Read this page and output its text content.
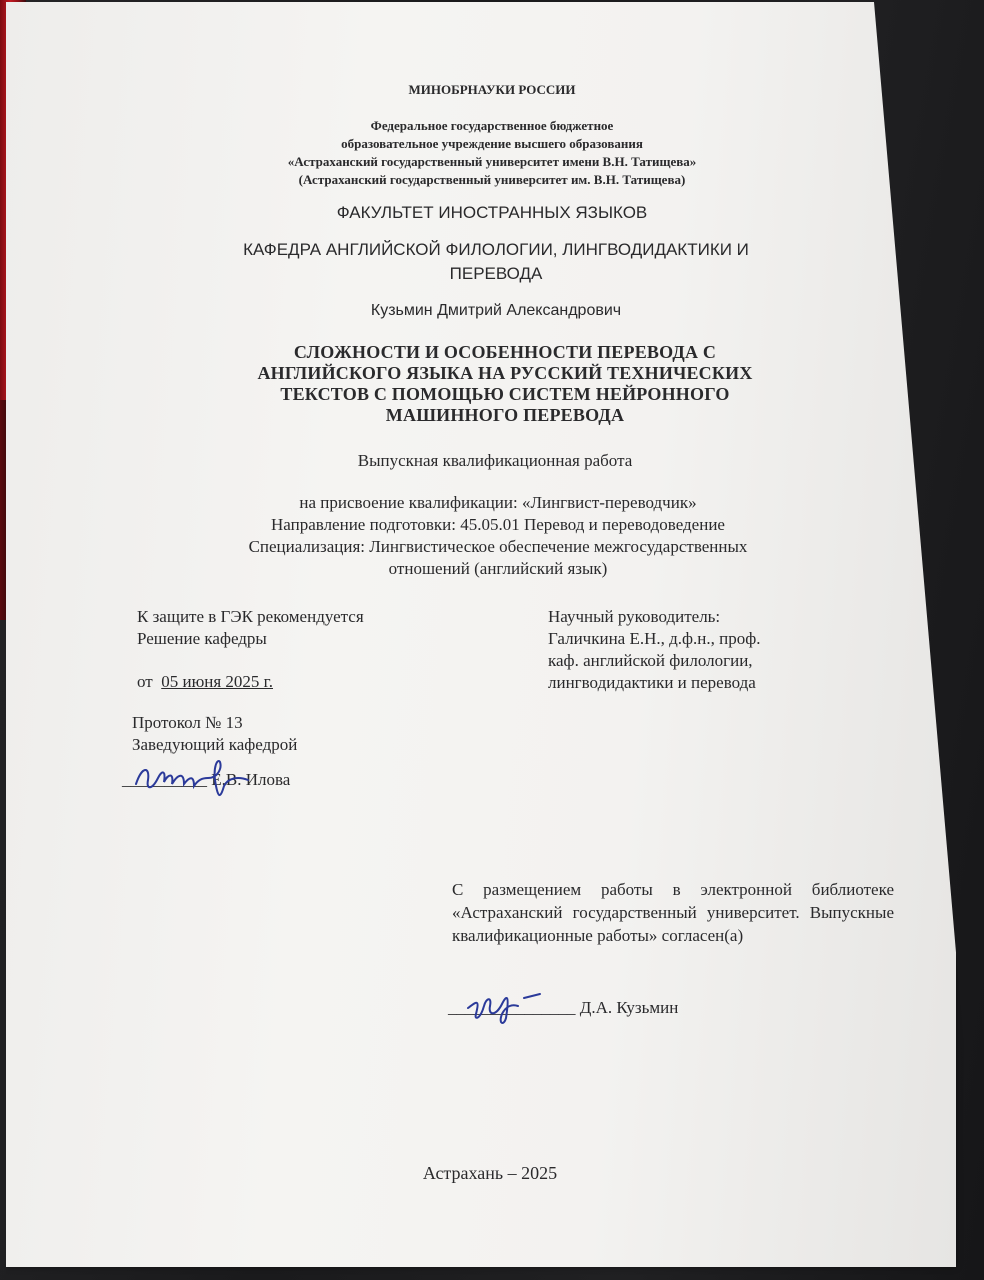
МИНОБРНАУКИ РОССИИ
Федеральное государственное бюджетное
образовательное учреждение высшего образования
«Астраханский государственный университет имени В.Н. Татищева»
(Астраханский государственный университет им. В.Н. Татищева)
ФАКУЛЬТЕТ ИНОСТРАННЫХ ЯЗЫКОВ
КАФЕДРА АНГЛИЙСКОЙ ФИЛОЛОГИИ, ЛИНГВОДИДАКТИКИ И
ПЕРЕВОДА
Кузьмин Дмитрий Александрович
СЛОЖНОСТИ И ОСОБЕННОСТИ ПЕРЕВОДА С
АНГЛИЙСКОГО ЯЗЫКА НА РУССКИЙ ТЕХНИЧЕСКИХ
ТЕКСТОВ С ПОМОЩЬЮ СИСТЕМ НЕЙРОННОГО
МАШИННОГО ПЕРЕВОДА
Выпускная квалификационная работа
на присвоение квалификации: «Лингвист-переводчик»
Направление подготовки: 45.05.01 Перевод и переводоведение
Специализация: Лингвистическое обеспечение межгосударственных
отношений (английский язык)
К защите в ГЭК рекомендуется
Решение кафедры
от 05 июня 2025 г.
Протокол № 13
Заведующий кафедрой
__________ Е.В. Илова
Научный руководитель:
Галичкина Е.Н., д.ф.н., проф.
каф. английской филологии,
лингводидактики и перевода
С размещением работы в электронной библиотеке «Астраханский государственный университет. Выпускные квалификационные работы» согласен(а)
_______________ Д.А. Кузьмин
Астрахань – 2025
